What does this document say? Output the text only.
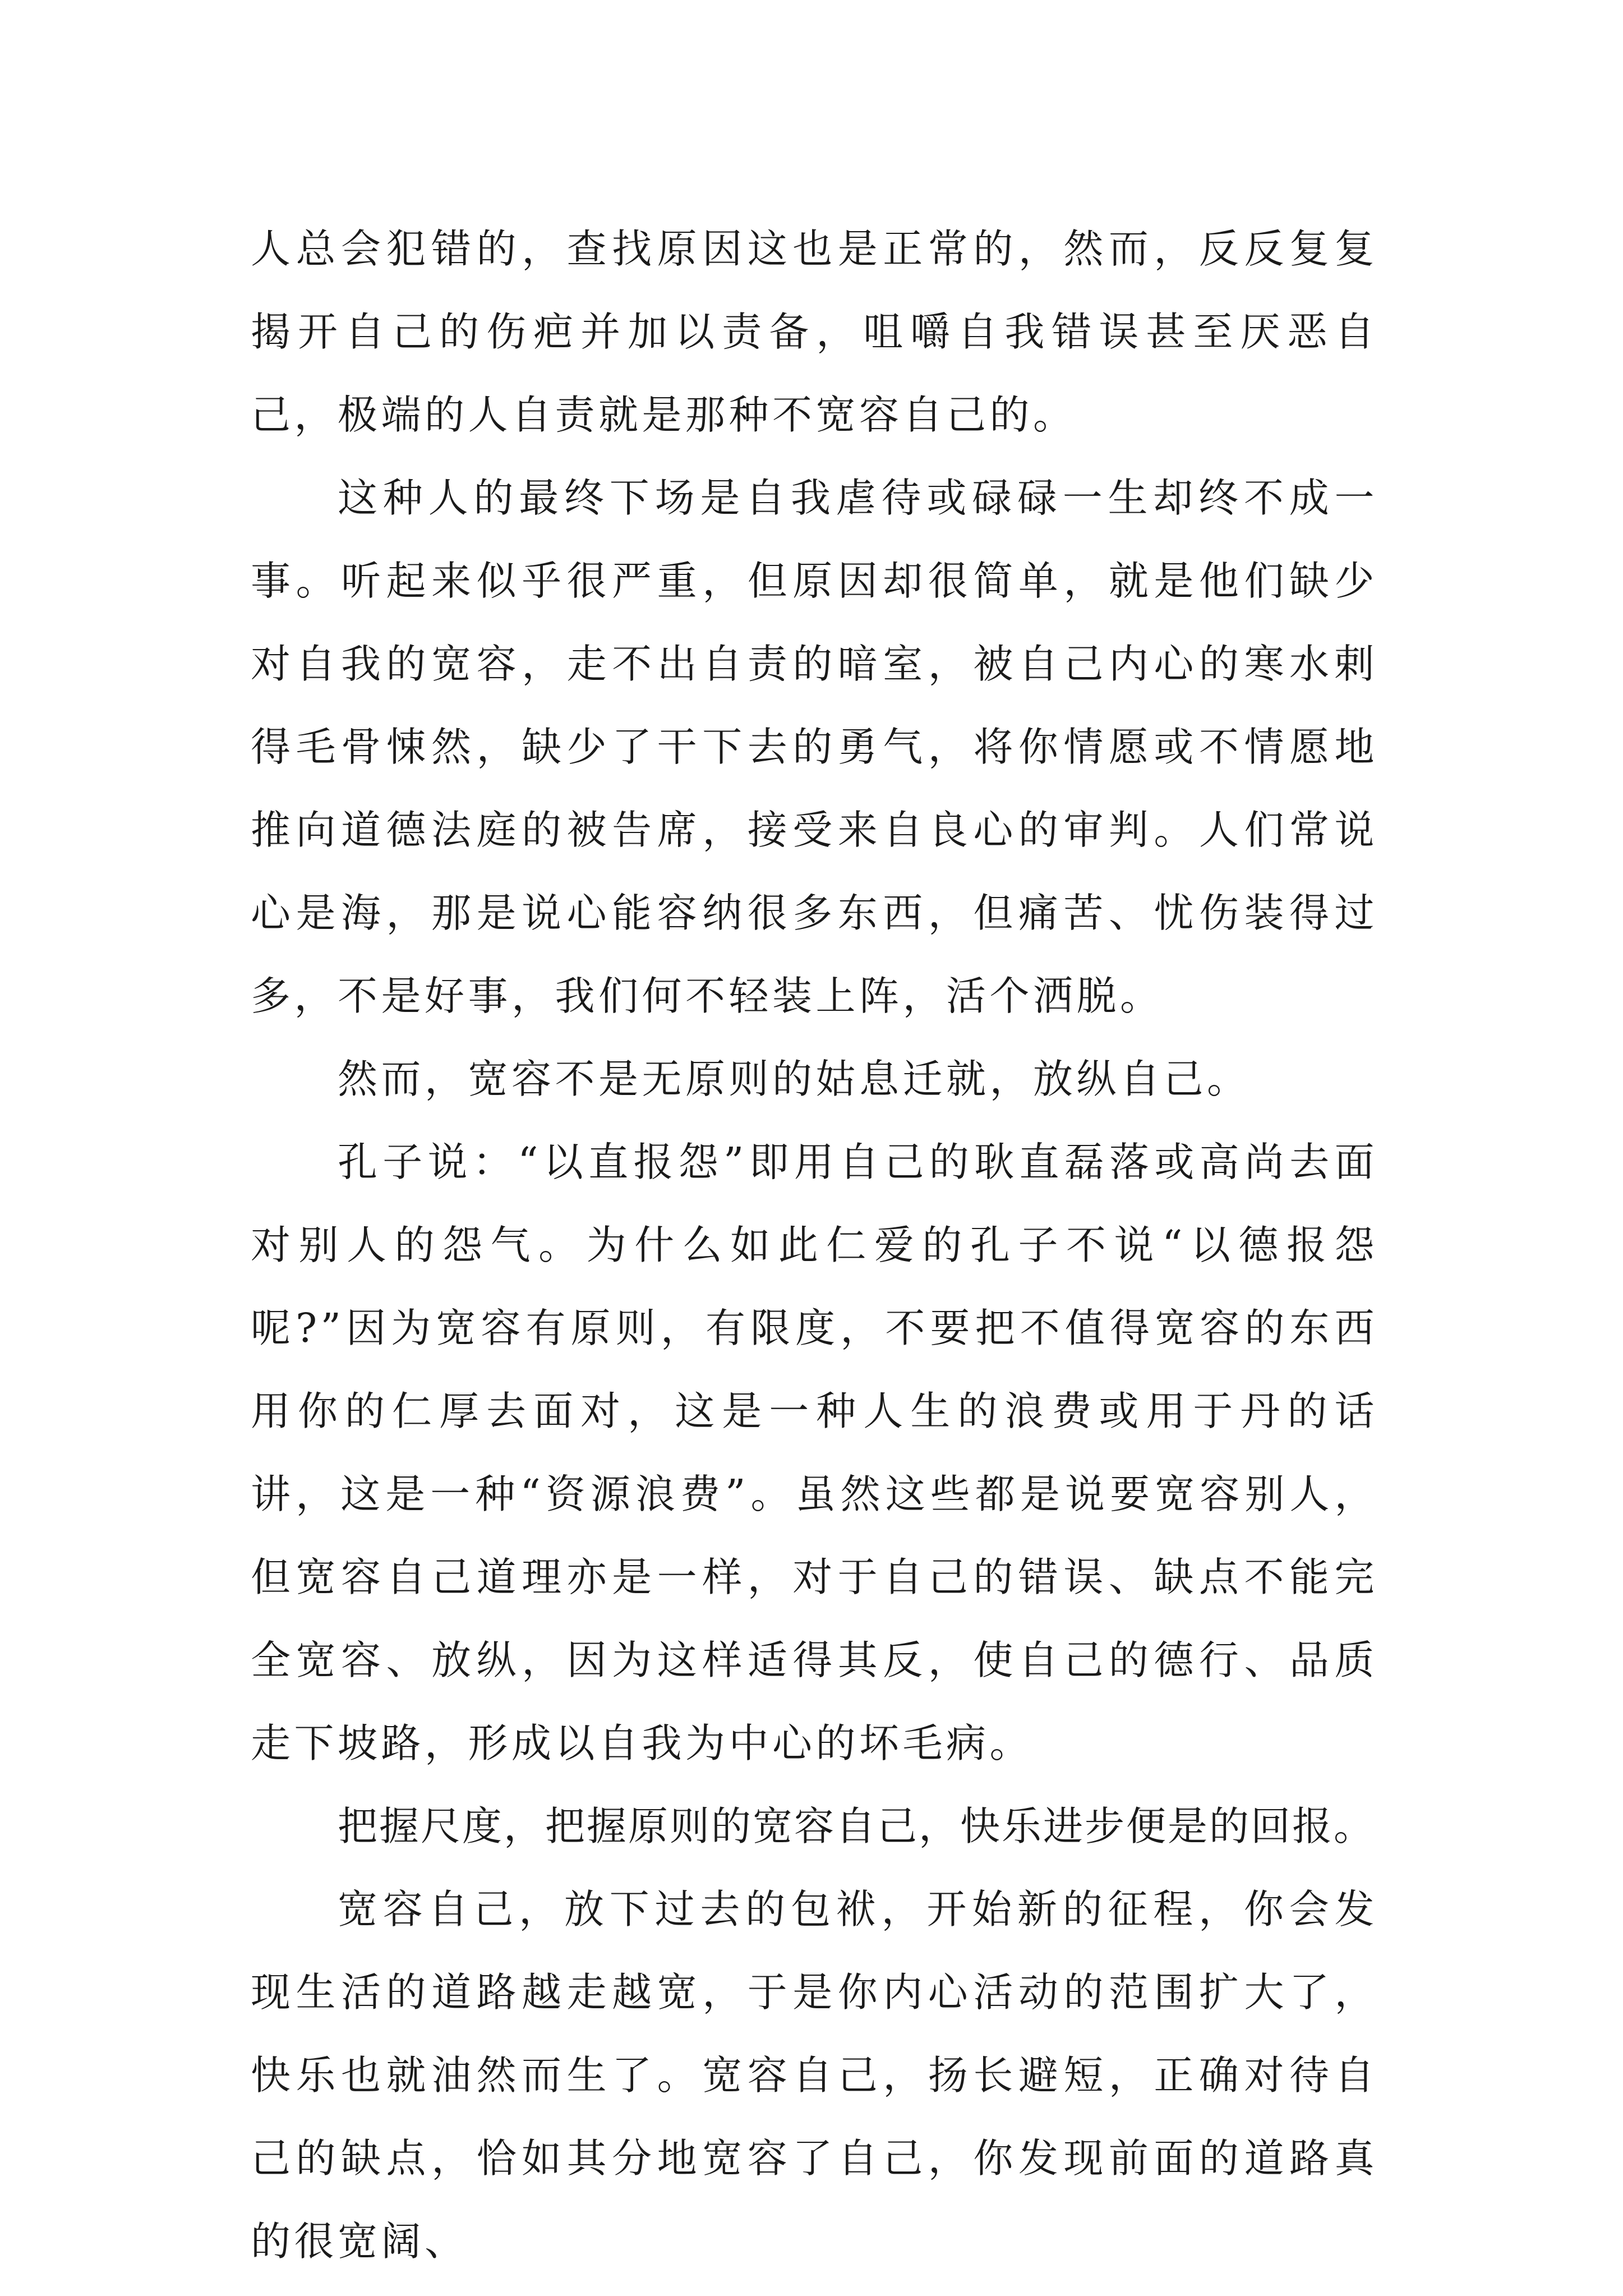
人总会犯错的，查找原因这也是正常的，然而，反反复复揭开自己的伤疤并加以责备，咀嚼自我错误甚至厌恶自己，极端的人自责就是那种不宽容自己的。

这种人的最终下场是自我虐待或碌碌一生却终不成一事。听起来似乎很严重，但原因却很简单，就是他们缺少对自我的宽容，走不出自责的暗室，被自己内心的寒水剌得毛骨悚然，缺少了干下去的勇气，将你情愿或不情愿地推向道德法庭的被告席，接受来自良心的审判。人们常说心是海，那是说心能容纳很多东西，但痛苦、忧伤装得过多，不是好事，我们何不轻装上阵，活个洒脱。

然而，宽容不是无原则的姑息迁就，放纵自己。

孔子说：“以直报怨”即用自己的耿直磊落或高尚去面对别人的怨气。为什么如此仁爱的孔子不说“以德报怨呢?”因为宽容有原则，有限度，不要把不值得宽容的东西用你的仁厚去面对，这是一种人生的浪费或用于丹的话讲，这是一种“资源浪费”。虽然这些都是说要宽容别人，但宽容自己道理亦是一样，对于自己的错误、缺点不能完全宽容、放纵，因为这样适得其反，使自己的德行、品质走下坡路，形成以自我为中心的坏毛病。

把握尺度，把握原则的宽容自己，快乐进步便是的回报。

宽容自己，放下过去的包袱，开始新的征程，你会发现生活的道路越走越宽，于是你内心活动的范围扩大了，快乐也就油然而生了。宽容自己，扬长避短，正确对待自己的缺点，恰如其分地宽容了自己，你发现前面的道路真的很宽阔、
